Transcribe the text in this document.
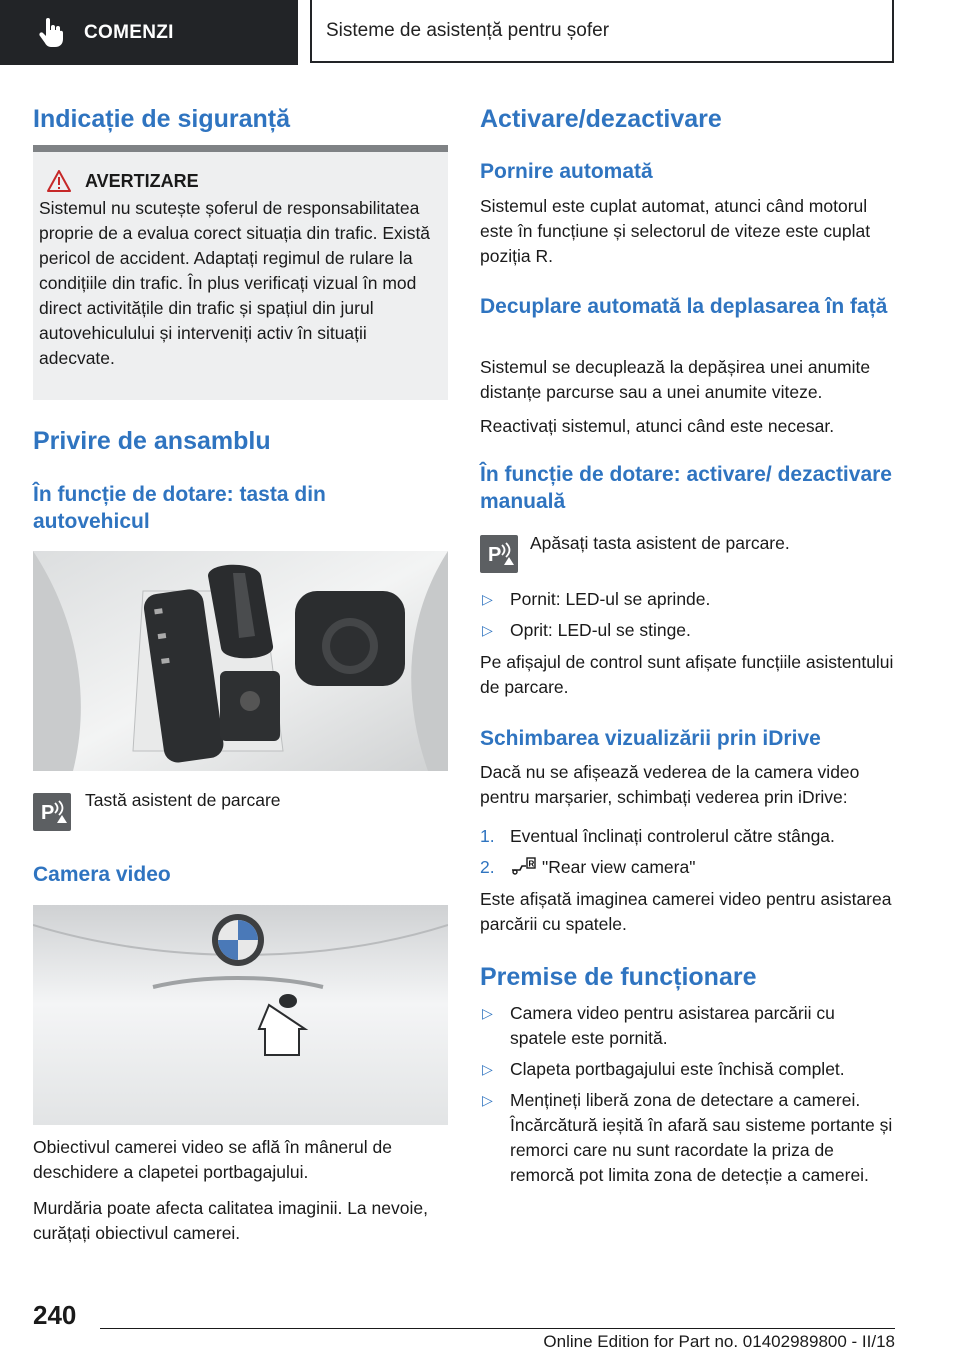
COMENZI	Sisteme de asistență pentru șofer
Indicație de siguranță
AVERTIZARE

Sistemul nu scutește șoferul de responsabilitatea proprie de a evalua corect situația din trafic. Există pericol de accident. Adaptați regimul de rulare la condițiile din trafic. În plus verificați vizual în mod direct activitățile din trafic și spațiul din jurul autovehiculului și interveniți activ în situații adecvate.

Privire de ansamblu
În funcție de dotare: tasta din autovehicul
P
Tastă asistent de parcare
Camera video

Obiectivul camerei video se află în mânerul de deschidere a clapetei portbagajului.

Murdăria poate afecta calitatea imaginii. La nevoie, curățați obiectivul camerei.

Activare/dezactivare
Pornire automată

Sistemul este cuplat automat, atunci când motorul este în funcțiune și selectorul de viteze este cuplat poziția R.

Decuplare automată la deplasarea în față

Sistemul se decuplează la depășirea unei anumite distanțe parcurse sau a unei anumite viteze.

Reactivați sistemul, atunci când este necesar.

În funcție de dotare: activare/ dezactivare manuală
P
Apăsați tasta asistent de parcare.
▷ Pornit: LED-ul se aprinde.
▷ Oprit: LED-ul se stinge.

Pe afișajul de control sunt afișate funcțiile asistentului de parcare.

Schimbarea vizualizării prin iDrive

Dacă nu se afișează vederea de la camera video pentru marșarier, schimbați vederea prin iDrive:

1. Eventual înclinați controlerul către stânga.
2.	R "Rear view camera"

Este afișată imaginea camerei video pentru asistarea parcării cu spatele.

Premise de funcționare
▷ Camera video pentru asistarea parcării cu spatele este pornită.
▷ Clapeta portbagajului este închisă complet.
▷ Mențineți liberă zona de detectare a camerei. Încărcătură ieșită în afară sau sisteme portante și remorci care nu sunt racordate la priza de remorcă pot limita zona de detecție a camerei.
240
Online Edition for Part no. 01402989800 - II/18
